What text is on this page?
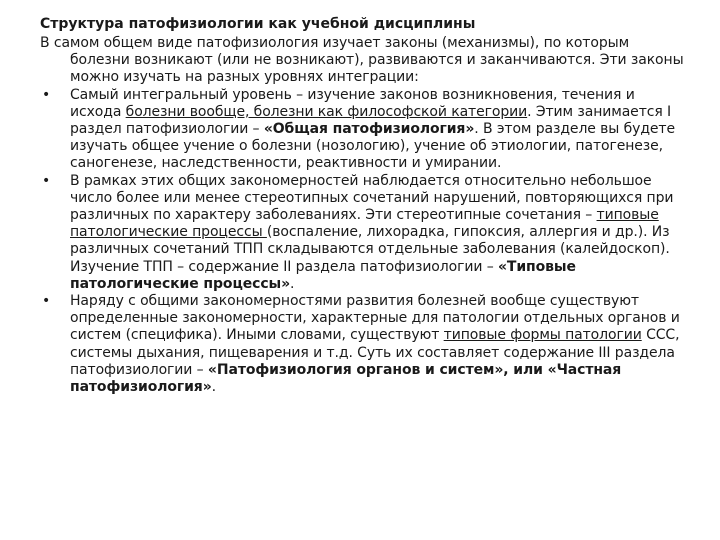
Структура патофизиологии как учебной дисциплины

В самом общем виде патофизиология изучает законы (механизмы), по которым болезни возникают (или не возникают), развиваются и заканчиваются. Эти законы можно изучать на разных уровнях интеграции:

•	Самый интегральный уровень – изучение законов возникновения, течения и исхода болезни вообще, болезни как философской категории. Этим занимается I раздел патофизиологии – «Общая патофизиология». В этом разделе вы будете изучать общее учение о болезни (нозологию), учение об этиологии, патогенезе, саногенезе, наследственности, реактивности и умирании.
•	В рамках этих общих закономерностей наблюдается относительно небольшое число более или менее стереотипных сочетаний нарушений, повторяющихся при различных по характеру заболеваниях. Эти стереотипные сочетания – типовые патологические процессы (воспаление, лихорадка, гипоксия, аллергия и др.). Из различных сочетаний ТПП складываются отдельные заболевания (калейдоскоп). Изучение ТПП – содержание II раздела патофизиологии – «Типовые патологические процессы».
•	Наряду с общими закономерностями развития болезней вообще существуют определенные закономерности, характерные для патологии отдельных органов и систем (специфика). Иными словами, существуют типовые формы патологии ССС, системы дыхания, пищеварения и т.д. Суть их составляет содержание III раздела патофизиологии – «Патофизиология органов и систем», или «Частная патофизиология».
